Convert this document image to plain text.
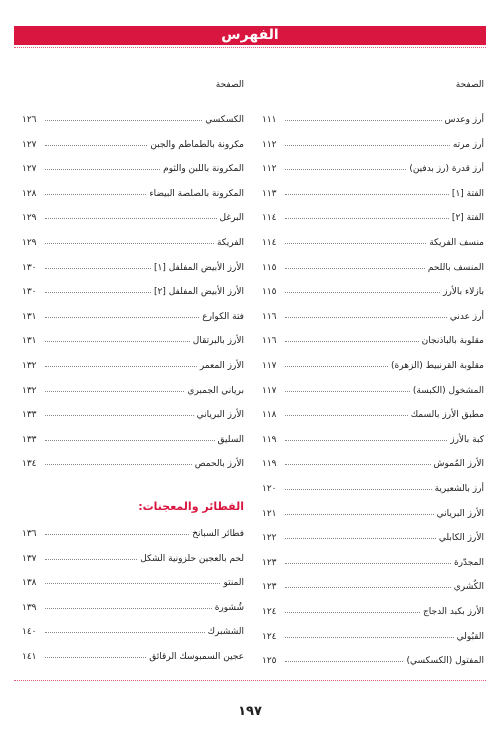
الفهرس
الصفحة
أرز وعدس
١١١
أرز مرته
١١٢
أرز قدرة (رز بدفين)
١١٢
الفتة [١]
١١٣
الفتة [٢]
١١٤
منسف الفريكة
١١٤
المنسف باللحم
١١٥
بازلاء بالأرز
١١٥
أرز عدني
١١٦
مقلوبة بالباذنجان
١١٦
مقلوبة القرنبيط (الزهرة)
١١٧
المشخول (الكبسة)
١١٧
مطبق الأرز بالسمك
١١٨
كبة بالأرز
١١٩
الأرز المُموش
١١٩
أرز بالشعيرية
١٢٠
الأرز البرياني
١٢١
الأرز الكابلي
١٢٢
المجدّرة
١٢٣
الكُشري
١٢٣
الأرز بكبد الدجاج
١٢٤
القبُولي
١٢٤
المفتول (الكسكسي)
١٢٥
الصفحة
الكسكسي
١٢٦
مكرونة بالطماطم والجبن
١٢٧
المكرونة باللبن والثوم
١٢٧
المكرونة بالصلصة البيضاء
١٢٨
البرغل
١٢٩
الفريكة
١٢٩
الأرز الأبيض المفلفل [١]
١٣٠
الأرز الأبيض المفلفل [٢]
١٣٠
فتة الكوارع
١٣١
الأرز بالبرتقال
١٣١
الأرز المعمر
١٣٢
برياني الجمبري
١٣٢
الأرز البرياني
١٣٣
السليق
١٣٣
الأرز بالحمص
١٣٤
الفطائر والمعجنات:
فطائر السبانخ
١٣٦
لحم بالعجين حلزونية الشكل
١٣٧
المنتو
١٣٨
شُشورة
١٣٩
الششبرك
١٤٠
عجين السمبوسك الرقائق
١٤١
١٩٧
